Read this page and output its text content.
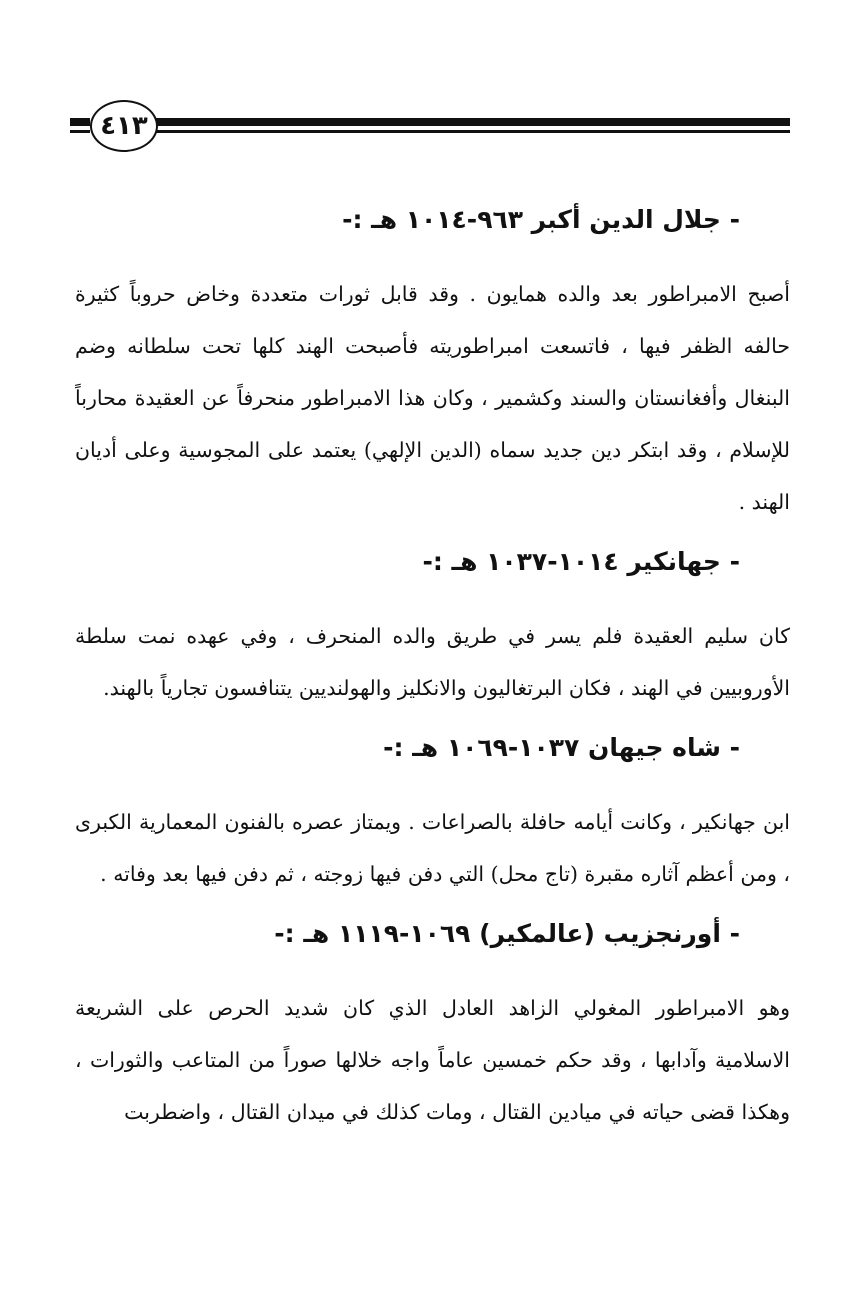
٤١٣
- جلال الدين أكبر ٩٦٣-١٠١٤ هـ :-

أصبح الامبراطور بعد والده همايون . وقد قابل ثورات متعددة وخاض حروباً كثيرة حالفه الظفر فيها ، فاتسعت امبراطوريته فأصبحت الهند كلها تحت سلطانه وضم البنغال وأفغانستان والسند وكشمير ، وكان هذا الامبراطور منحرفاً عن العقيدة محارباً للإسلام ، وقد ابتكر دين جديد سماه (الدين الإلهي) يعتمد على المجوسية وعلى أديان الهند .

- جهانكير ١٠١٤-١٠٣٧ هـ :-

كان سليم العقيدة فلم يسر في طريق والده المنحرف ، وفي عهده نمت سلطة الأوروبيين في الهند ، فكان البرتغاليون والانكليز والهولنديين يتنافسون تجارياً بالهند.

- شاه جيهان ١٠٣٧-١٠٦٩ هـ :-

ابن جهانكير ، وكانت أيامه حافلة بالصراعات . ويمتاز عصره بالفنون المعمارية الكبرى ، ومن أعظم آثاره مقبرة (تاج محل) التي دفن فيها زوجته ، ثم دفن فيها بعد وفاته .

- أورنجزيب (عالمكير) ١٠٦٩-١١١٩ هـ :-

وهو الامبراطور المغولي الزاهد العادل الذي كان شديد الحرص على الشريعة الاسلامية وآدابها ، وقد حكم خمسين عاماً واجه خلالها صوراً من المتاعب والثورات ، وهكذا قضى حياته في ميادين القتال ، ومات كذلك في ميدان القتال ، واضطربت
